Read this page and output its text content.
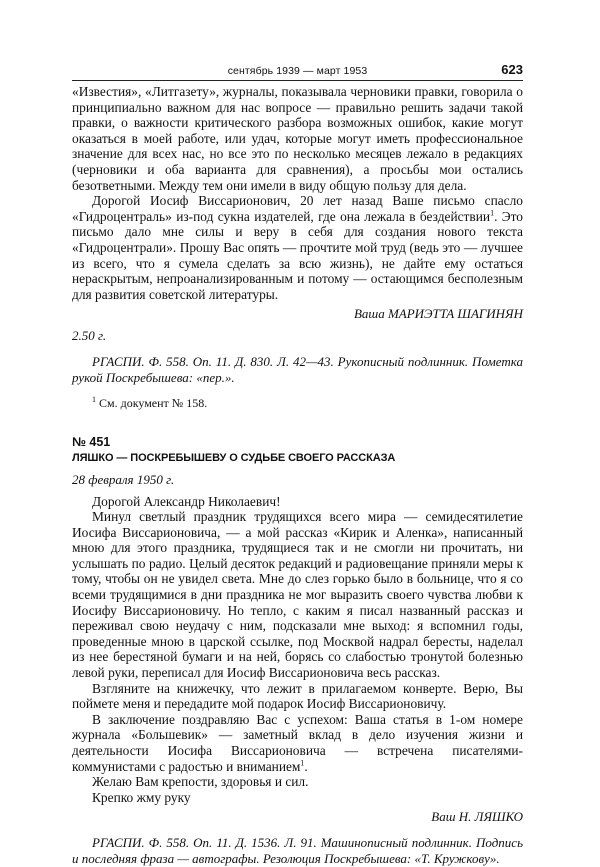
сентябрь 1939 — март 1953	623

«Известия», «Литгазету», журналы, показывала черновики правки, говорила о принципиально важном для нас вопросе — правильно решить задачи такой правки, о важности критического разбора возможных ошибок, какие могут оказаться в моей работе, или удач, которые могут иметь профессиональное значение для всех нас, но все это по несколько месяцев лежало в редакциях (черновики и оба варианта для сравнения), а просьбы мои остались безответными. Между тем они имели в виду общую пользу для дела.

Дорогой Иосиф Виссарионович, 20 лет назад Ваше письмо спасло «Гидроцентраль» из-под сукна издателей, где она лежала в бездействии$^1$. Это письмо дало мне силы и веру в себя для создания нового текста «Гидроцентрали». Прошу Вас опять — прочтите мой труд (ведь это — лучшее из всего, что я сумела сделать за всю жизнь), не дайте ему остаться нераскрытым, непроанализированным и потому — остающимся бесполезным для развития советской литературы.

Ваша МАРИЭТТА ШАГИНЯН

2.50 г.

РГАСПИ. Ф. 558. Оп. 11. Д. 830. Л. 42—43. Рукописный подлинник. Пометка рукой Поскребышева: «пер.».

$^1$ См. документ № 158.

№ 451
ЛЯШКО — ПОСКРЕБЫШЕВУ О СУДЬБЕ СВОЕГО РАССКАЗА

28 февраля 1950 г.

Дорогой Александр Николаевич!

Минул светлый праздник трудящихся всего мира — семидесятилетие Иосифа Виссарионовича, — а мой рассказ «Кирик и Аленка», написанный мною для этого праздника, трудящиеся так и не смогли ни прочитать, ни услышать по радио. Целый десяток редакций и радиовещание приняли меры к тому, чтобы он не увидел света. Мне до слез горько было в больнице, что я со всеми трудящимися в дни праздника не мог выразить своего чувства любви к Иосифу Виссарионовичу. Но тепло, с каким я писал названный рассказ и переживал свою неудачу с ним, подсказали мне выход: я вспомнил годы, проведенные мною в царской ссылке, под Москвой надрал бересты, наделал из нее берестяной бумаги и на ней, борясь со слабостью тронутой болезнью левой руки, переписал для Иосиф Виссарионовича весь рассказ.

Взгляните на книжечку, что лежит в прилагаемом конверте. Верю, Вы поймете меня и передадите мой подарок Иосиф Виссарионовичу.

В заключение поздравляю Вас с успехом: Ваша статья в 1-ом номере журнала «Большевик» — заметный вклад в дело изучения жизни и деятельности Иосифа Виссарионовича — встречена писателями-коммунистами с радостью и вниманием$^1$.

Желаю Вам крепости, здоровья и сил.

Крепко жму руку

Ваш Н. ЛЯШКО

РГАСПИ. Ф. 558. Оп. 11. Д. 1536. Л. 91. Машинописный подлинник. Подпись и последняя фраза — автографы. Резолюция Поскребышева: «Т. Кружкову».
